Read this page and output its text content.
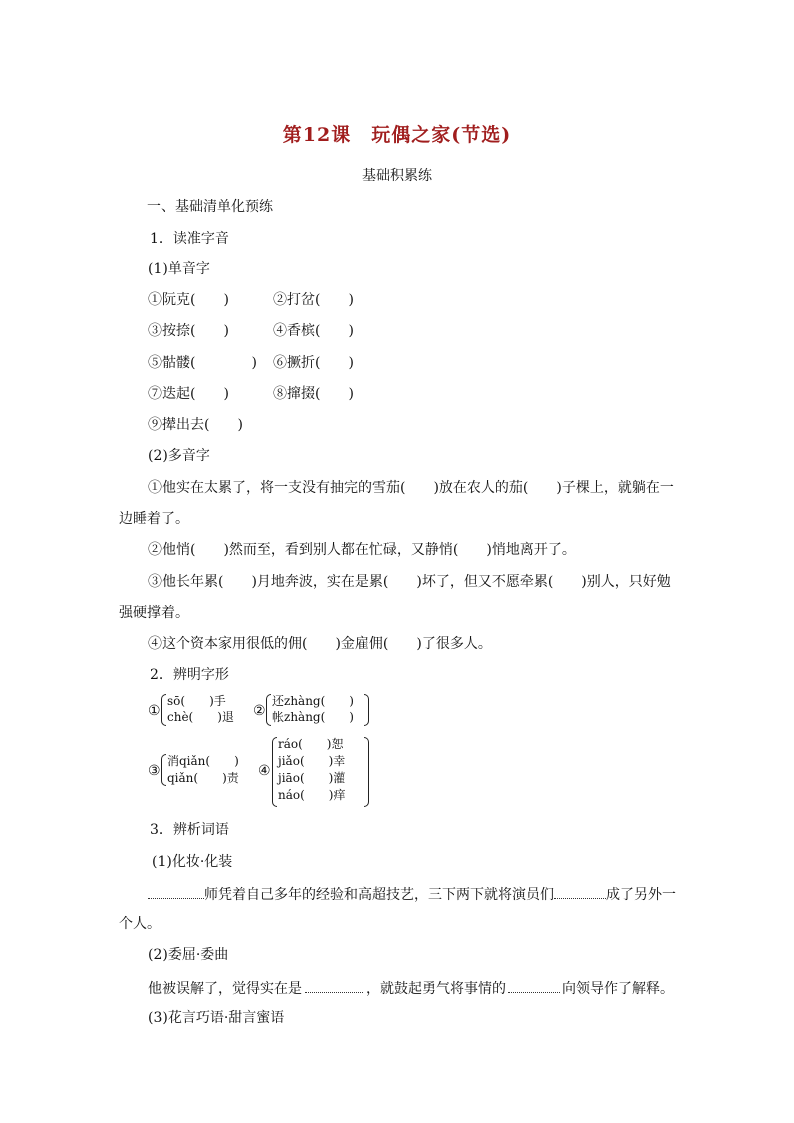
第12课　玩偶之家(节选)
基础积累练
一、基础清单化预练
1．读准字音
(1)单音字
①阮克(　　)	②打岔(　　)
③按捺(　　)	④香槟(　　)
⑤骷髅(　　　　) ⑥撅折(　　)
⑦迭起(　　)	⑧撺掇(　　)
⑨撵出去(　　)
(2)多音字
①他实在太累了，将一支没有抽完的雪茄(　　)放在农人的茄(　　)子棵上，就躺在一
边睡着了。
②他悄(　　)然而至，看到别人都在忙碌，又静悄(　　)悄地离开了。
③他长年累(　　)月地奔波，实在是累(　　)坏了，但又不愿牵累(　　)别人，只好勉
强硬撑着。
④这个资本家用很低的佣(　　)金雇佣(　　)了很多人。
2．辨明字形
①
sō(　　)手
chè(　　)退 ②
还zhàng(　　)
帐zhàng(　　)
③
消qiǎn(　　)
qiǎn(　　)责 ④
ráo(　　)恕
jiǎo(　　)幸
jiāo(　　)灌
náo(　　)痒
3．辨析词语
(1)化妆·化装
师凭着自己多年的经验和高超技艺，三下两下就将演员们	成了另外一
个人。
(2)委屈·委曲
他被误解了，觉得实在是	，就鼓起勇气将事情的	向领导作了解释。
(3)花言巧语·甜言蜜语
